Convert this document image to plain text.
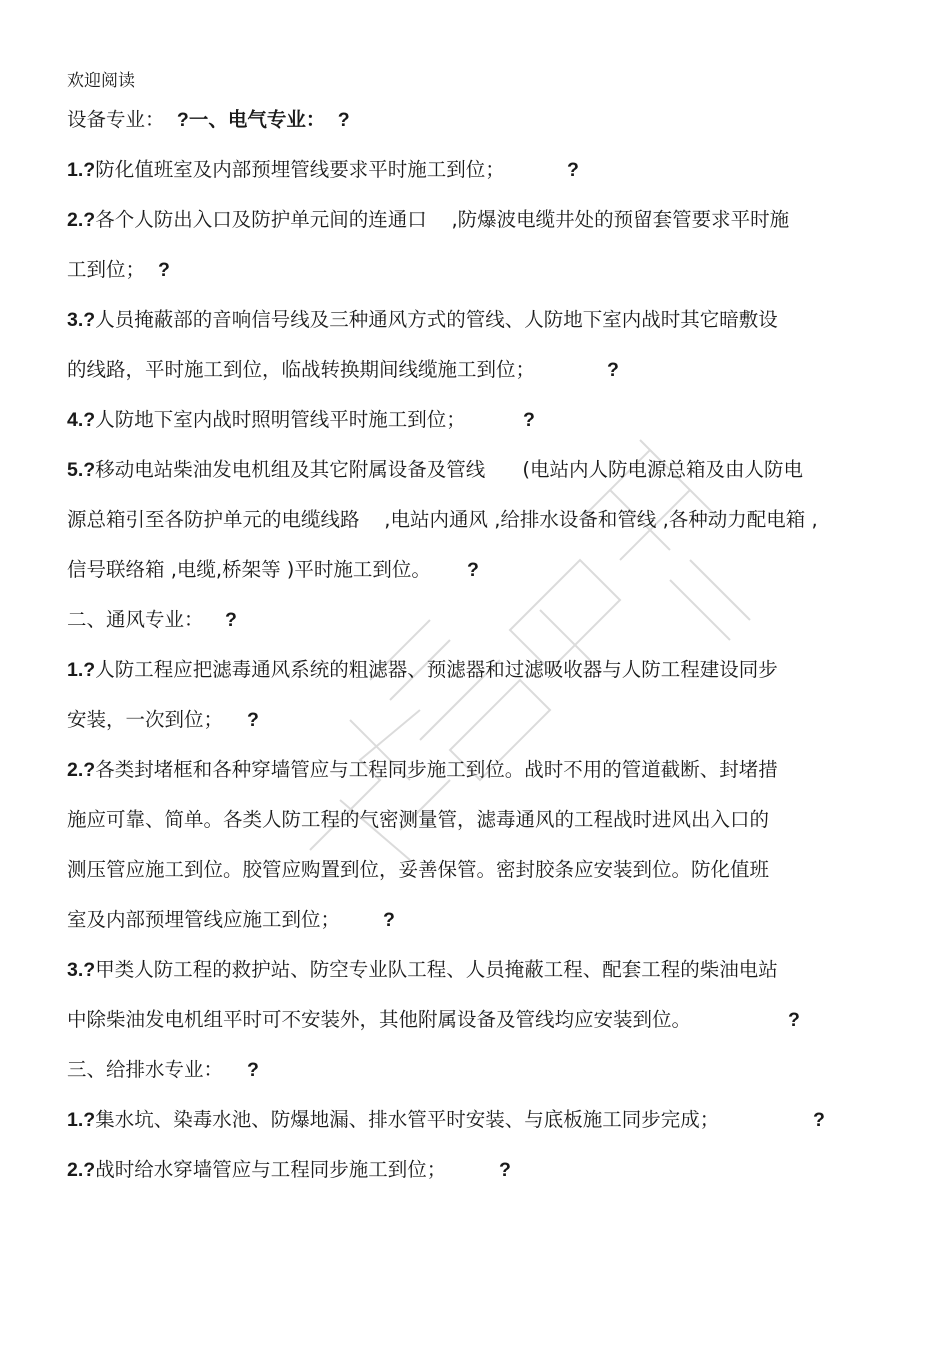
欢迎阅读
设备专业： ?一、电气专业： ?
1.?防化值班室及内部预埋管线要求平时施工到位；	?
2.?各个人防出入口及防护单元间的连通口    ,防爆波电缆井处的预留套管要求平时施
工到位； ?
3.?人员掩蔽部的音响信号线及三种通风方式的管线、人防地下室内战时其它暗敷设
的线路，平时施工到位，临战转换期间线缆施工到位；	?
4.?人防地下室内战时照明管线平时施工到位；	?
5.?移动电站柴油发电机组及其它附属设备及管线      (电站内人防电源总箱及由人防电
源总箱引至各防护单元的电缆线路    ,电站内通风 ,给排水设备和管线 ,各种动力配电箱 ,
信号联络箱 ,电缆,桥架等 )平时施工到位。 ?
二、通风专业： ?
1.?人防工程应把滤毒通风系统的粗滤器、预滤器和过滤吸收器与人防工程建设同步
安装，一次到位； ?
2.?各类封堵框和各种穿墙管应与工程同步施工到位。战时不用的管道截断、封堵措
施应可靠、简单。各类人防工程的气密测量管，滤毒通风的工程战时进风出入口的
测压管应施工到位。胶管应购置到位，妥善保管。密封胶条应安装到位。防化值班
室及内部预埋管线应施工到位； ?
3.?甲类人防工程的救护站、防空专业队工程、人员掩蔽工程、配套工程的柴油电站
中除柴油发电机组平时可不安装外，其他附属设备及管线均应安装到位。	?
三、给排水专业： ?
1.?集水坑、染毒水池、防爆地漏、排水管平时安装、与底板施工同步完成；	?
2.?战时给水穿墙管应与工程同步施工到位；	?
